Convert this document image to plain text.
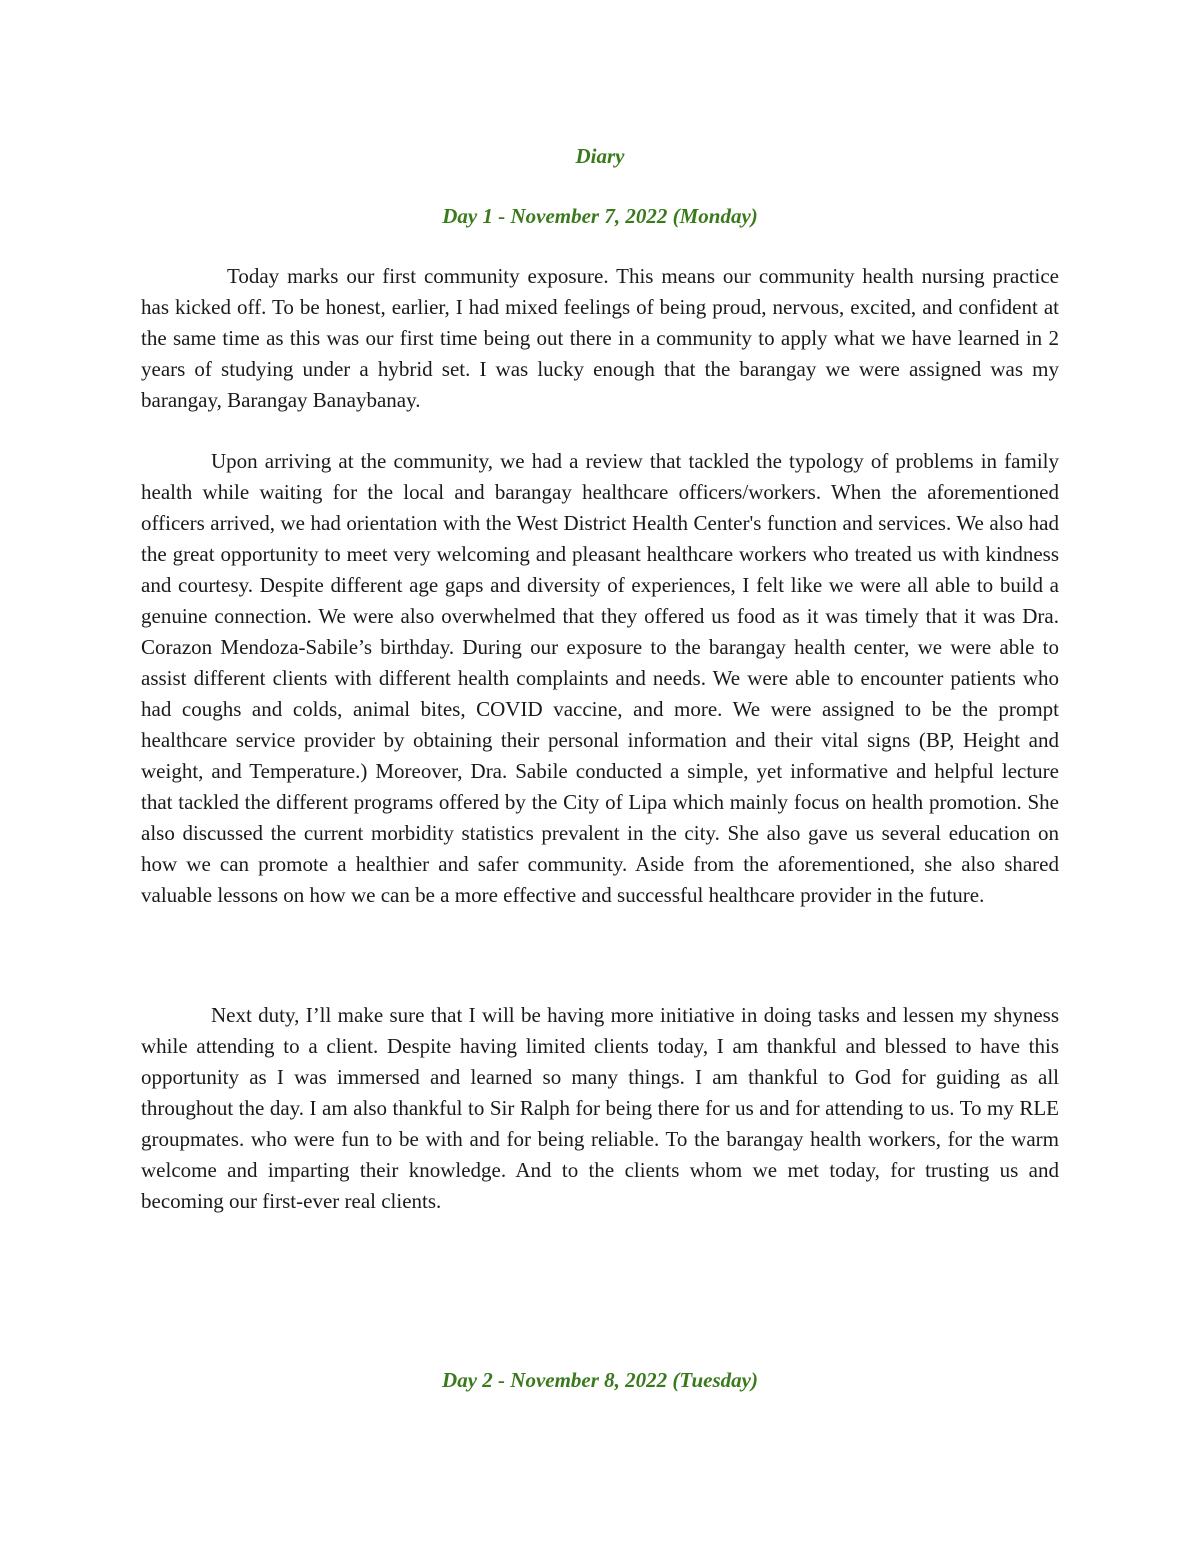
Diary
Day 1 - November 7, 2022 (Monday)

Today marks our first community exposure. This means our community health nursing practice has kicked off. To be honest, earlier, I had mixed feelings of being proud, nervous, excited, and confident at the same time as this was our first time being out there in a community to apply what we have learned in 2 years of studying under a hybrid set. I was lucky enough that the barangay we were assigned was my barangay, Barangay Banaybanay.

Upon arriving at the community, we had a review that tackled the typology of problems in family health while waiting for the local and barangay healthcare officers/workers. When the aforementioned officers arrived, we had orientation with the West District Health Center's function and services. We also had the great opportunity to meet very welcoming and pleasant healthcare workers who treated us with kindness and courtesy. Despite different age gaps and diversity of experiences, I felt like we were all able to build a genuine connection. We were also overwhelmed that they offered us food as it was timely that it was Dra. Corazon Mendoza-Sabile’s birthday. During our exposure to the barangay health center, we were able to assist different clients with different health complaints and needs. We were able to encounter patients who had coughs and colds, animal bites, COVID vaccine, and more. We were assigned to be the prompt healthcare service provider by obtaining their personal information and their vital signs (BP, Height and weight, and Temperature.) Moreover, Dra. Sabile conducted a simple, yet informative and helpful lecture that tackled the different programs offered by the City of Lipa which mainly focus on health promotion. She also discussed the current morbidity statistics prevalent in the city. She also gave us several education on how we can promote a healthier and safer community. Aside from the aforementioned, she also shared valuable lessons on how we can be a more effective and successful healthcare provider in the future.

Next duty, I’ll make sure that I will be having more initiative in doing tasks and lessen my shyness while attending to a client. Despite having limited clients today, I am thankful and blessed to have this opportunity as I was immersed and learned so many things. I am thankful to God for guiding as all throughout the day. I am also thankful to Sir Ralph for being there for us and for attending to us. To my RLE groupmates. who were fun to be with and for being reliable. To the barangay health workers, for the warm welcome and imparting their knowledge. And to the clients whom we met today, for trusting us and becoming our first-ever real clients.

Day 2 - November 8, 2022 (Tuesday)
